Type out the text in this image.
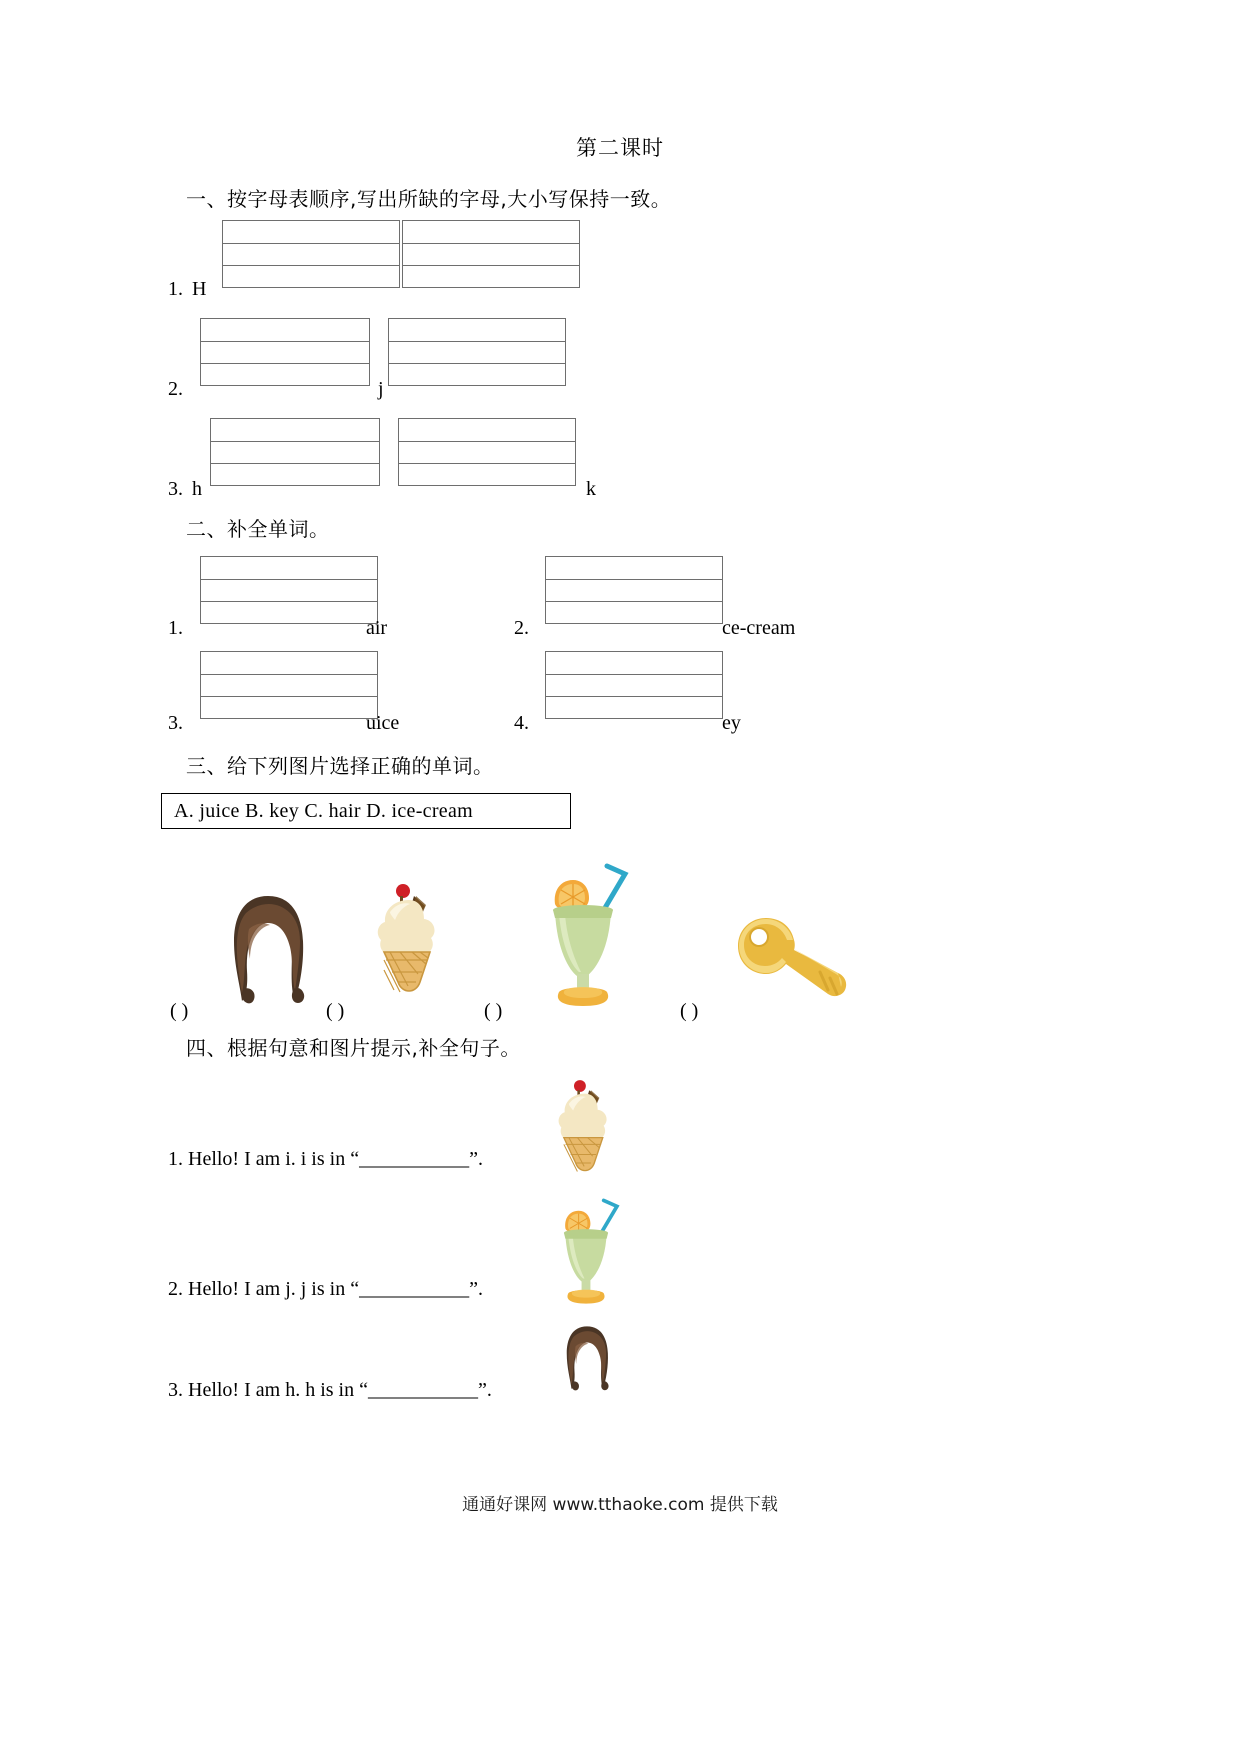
第二课时
一、按字母表顺序,写出所缺的字母,大小写保持一致。
1. H
2.	j
3. h	k
二、补全单词。
1.	air	2.	ce-cream
3.	uice	4.	ey
三、给下列图片选择正确的单词。
A. juice B. key C. hair D. ice-cream
( )	( )	( )	( )
四、根据句意和图片提示,补全句子。
1. Hello! I am i. i is in “___________”.
2. Hello! I am j. j is in “___________”.
3. Hello! I am h. h is in “___________”.
通通好课网 www.tthaoke.com 提供下载
